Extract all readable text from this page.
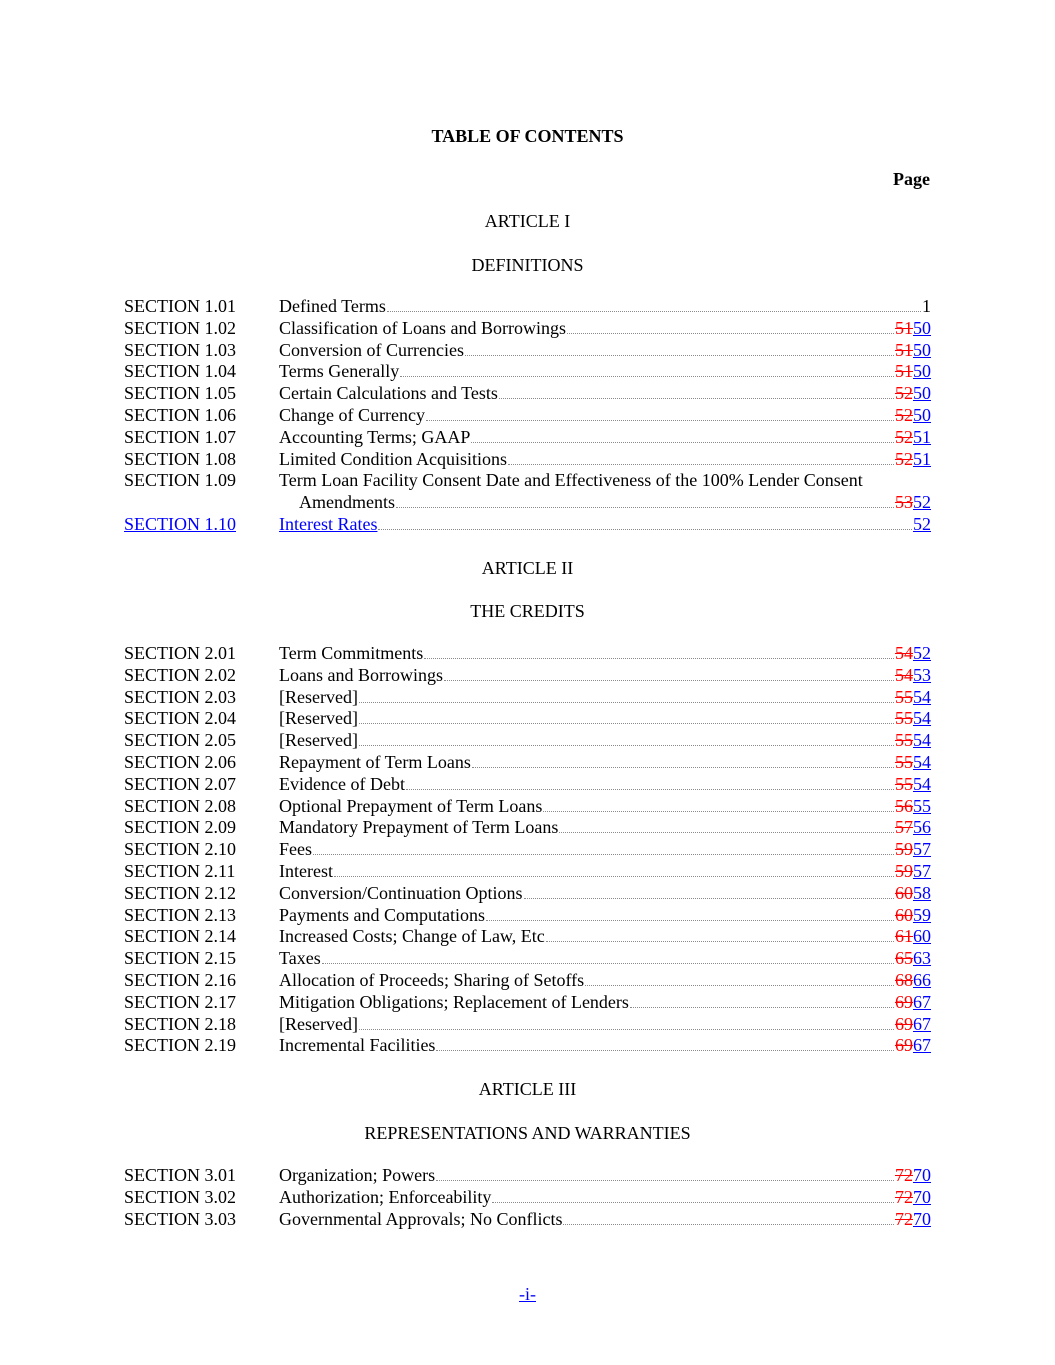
TABLE OF CONTENTS
Page
ARTICLE I
DEFINITIONS
SECTION 1.01 Defined Terms	1
SECTION 1.02 Classification of Loans and Borrowings	5150
SECTION 1.03 Conversion of Currencies	5150
SECTION 1.04 Terms Generally	5150
SECTION 1.05 Certain Calculations and Tests	5250
SECTION 1.06 Change of Currency	5250
SECTION 1.07 Accounting Terms; GAAP	5251
SECTION 1.08 Limited Condition Acquisitions	5251
SECTION 1.09 Term Loan Facility Consent Date and Effectiveness of the 100% Lender Consent
Amendments	5352
SECTION 1.10 Interest Rates	52
ARTICLE II
THE CREDITS
SECTION 2.01 Term Commitments	5452
SECTION 2.02 Loans and Borrowings	5453
SECTION 2.03 [Reserved]	5554
SECTION 2.04 [Reserved]	5554
SECTION 2.05 [Reserved]	5554
SECTION 2.06 Repayment of Term Loans	5554
SECTION 2.07 Evidence of Debt	5554
SECTION 2.08 Optional Prepayment of Term Loans	5655
SECTION 2.09 Mandatory Prepayment of Term Loans	5756
SECTION 2.10 Fees	5957
SECTION 2.11 Interest	5957
SECTION 2.12 Conversion/Continuation Options	6058
SECTION 2.13 Payments and Computations	6059
SECTION 2.14 Increased Costs; Change of Law, Etc	6160
SECTION 2.15 Taxes	6563
SECTION 2.16 Allocation of Proceeds; Sharing of Setoffs	6866
SECTION 2.17 Mitigation Obligations; Replacement of Lenders	6967
SECTION 2.18 [Reserved]	6967
SECTION 2.19 Incremental Facilities	6967
ARTICLE III
REPRESENTATIONS AND WARRANTIES
SECTION 3.01 Organization; Powers	7270
SECTION 3.02 Authorization; Enforceability	7270
SECTION 3.03 Governmental Approvals; No Conflicts	7270
-i-
